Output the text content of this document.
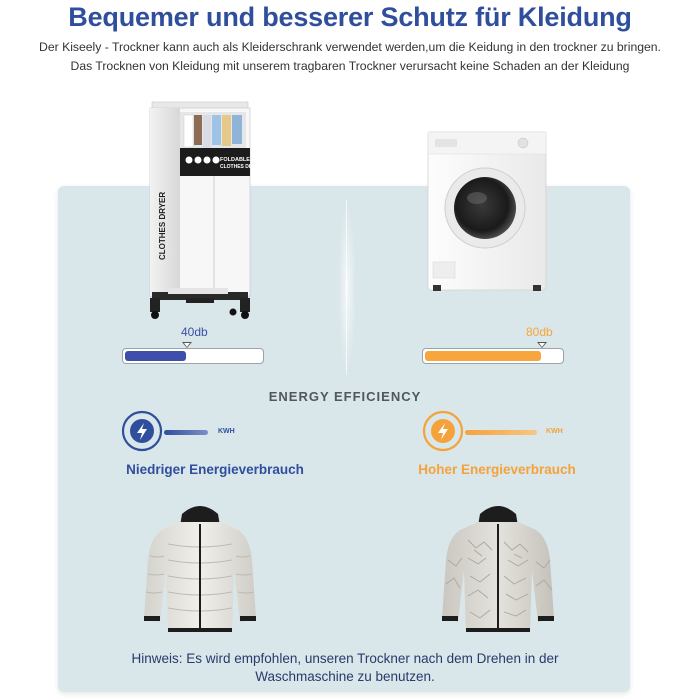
Bequemer und besserer Schutz für Kleidung
Der Kiseely - Trockner kann auch als Kleiderschrank verwendet werden,um die Keidung in den trockner zu bringen.
Das Trocknen von Kleidung mit unserem tragbaren Trockner verursacht keine Schaden an der Kleidung
FOLDABLE
CLOTHES DRYER
CLOTHES DRYER
40db	80db
ENERGY EFFICIENCY
KWH
Niedriger Energieverbrauch
KWH
Hoher Energieverbrauch
Hinweis: Es wird empfohlen, unseren Trockner nach dem Drehen in der
Waschmaschine zu benutzen.
